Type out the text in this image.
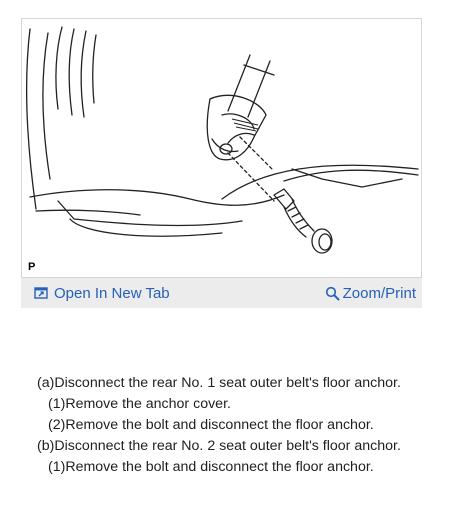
P
Open In New Tab	Zoom/Print
(a)Disconnect the rear No. 1 seat outer belt's floor anchor.
(1)Remove the anchor cover.
(2)Remove the bolt and disconnect the floor anchor.
(b)Disconnect the rear No. 2 seat outer belt's floor anchor.
(1)Remove the bolt and disconnect the floor anchor.
